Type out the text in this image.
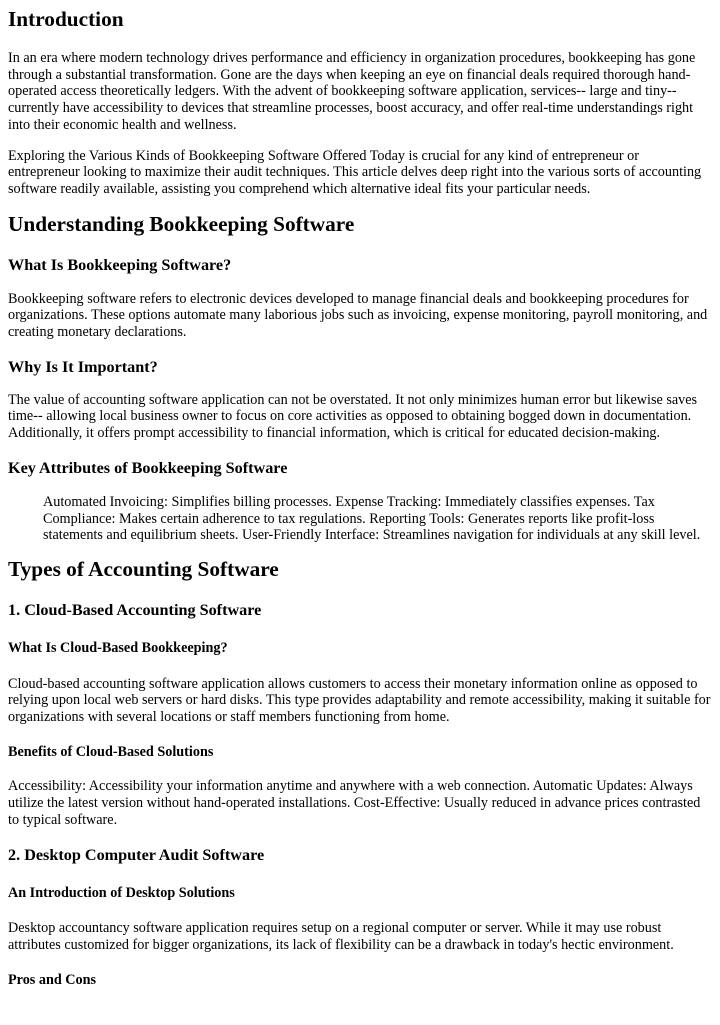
Introduction

In an era where modern technology drives performance and efficiency in organization procedures, bookkeeping has gone through a substantial transformation. Gone are the days when keeping an eye on financial deals required thorough hand-operated access theoretically ledgers. With the advent of bookkeeping software application, services-- large and tiny-- currently have accessibility to devices that streamline processes, boost accuracy, and offer real-time understandings right into their economic health and wellness.

Exploring the Various Kinds of Bookkeeping Software Offered Today is crucial for any kind of entrepreneur or entrepreneur looking to maximize their audit techniques. This article delves deep right into the various sorts of accounting software readily available, assisting you comprehend which alternative ideal fits your particular needs.

Understanding Bookkeeping Software
What Is Bookkeeping Software?

Bookkeeping software refers to electronic devices developed to manage financial deals and bookkeeping procedures for organizations. These options automate many laborious jobs such as invoicing, expense monitoring, payroll monitoring, and creating monetary declarations.

Why Is It Important?

The value of accounting software application can not be overstated. It not only minimizes human error but likewise saves time-- allowing local business owner to focus on core activities as opposed to obtaining bogged down in documentation. Additionally, it offers prompt accessibility to financial information, which is critical for educated decision-making.

Key Attributes of Bookkeeping Software
Automated Invoicing: Simplifies billing processes. Expense Tracking: Immediately classifies expenses. Tax Compliance: Makes certain adherence to tax regulations. Reporting Tools: Generates reports like profit-loss statements and equilibrium sheets. User-Friendly Interface: Streamlines navigation for individuals at any skill level.
Types of Accounting Software
1. Cloud-Based Accounting Software
What Is Cloud-Based Bookkeeping?

Cloud-based accounting software application allows customers to access their monetary information online as opposed to relying upon local web servers or hard disks. This type provides adaptability and remote accessibility, making it suitable for organizations with several locations or staff members functioning from home.

Benefits of Cloud-Based Solutions

Accessibility: Accessibility your information anytime and anywhere with a web connection. Automatic Updates: Always utilize the latest version without hand-operated installations. Cost-Effective: Usually reduced in advance prices contrasted to typical software.

2. Desktop Computer Audit Software
An Introduction of Desktop Solutions

Desktop accountancy software application requires setup on a regional computer or server. While it may use robust attributes customized for bigger organizations, its lack of flexibility can be a drawback in today's hectic environment.

Pros and Cons
